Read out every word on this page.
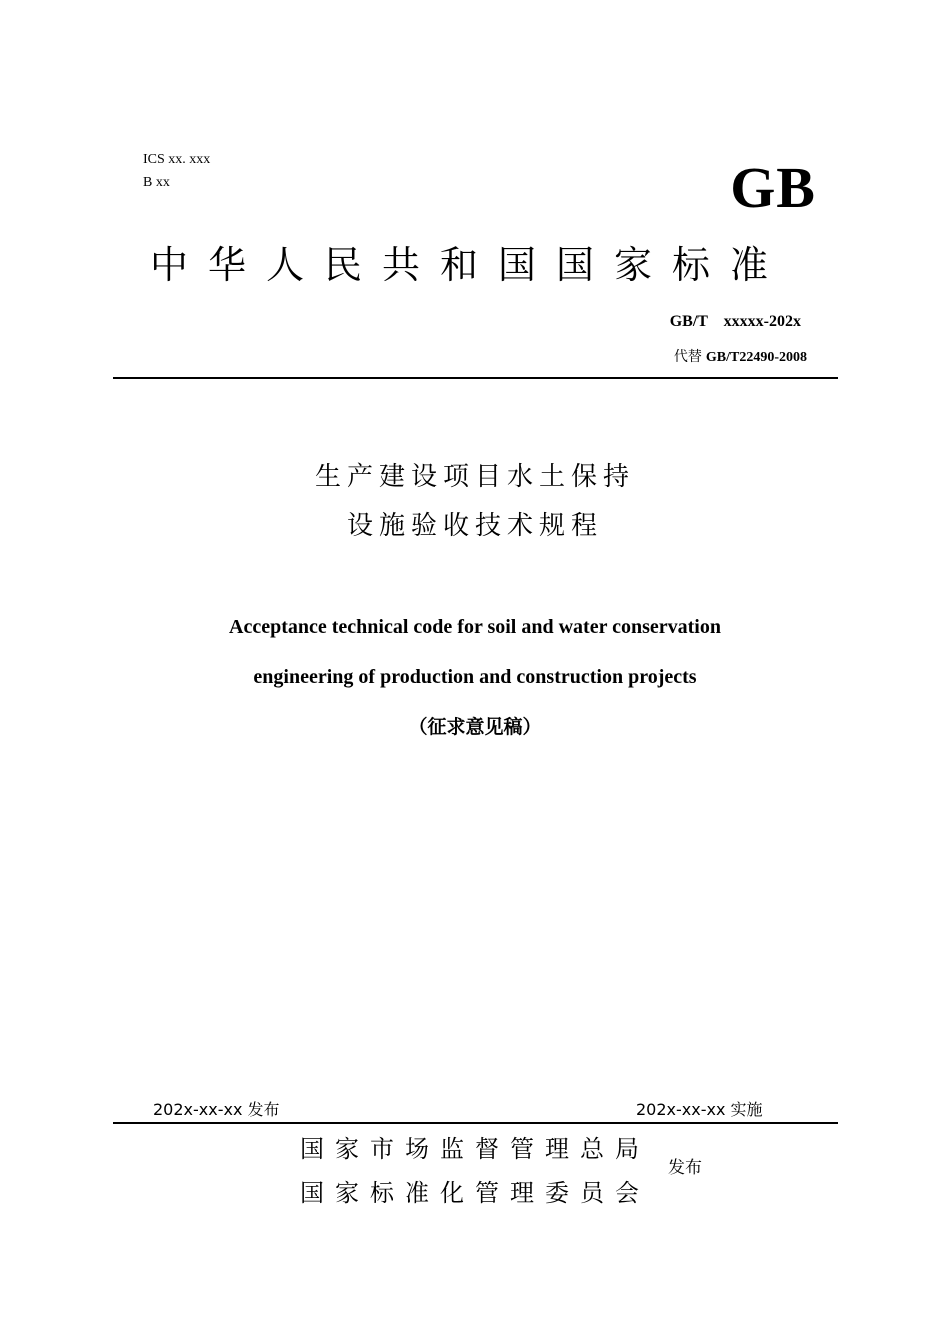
ICS xx. xxx
B xx	GB
中华人民共和国国家标准
GB/T    xxxxx-202x
代替 GB/T22490-2008
生产建设项目水土保持
设施验收技术规程
Acceptance technical code for soil and water conservation
engineering of production and construction projects
（征求意见稿）
202x-xx-xx 发布	202x-xx-xx 实施
国家市场监督管理总局
国家标准化管理委员会
发布
